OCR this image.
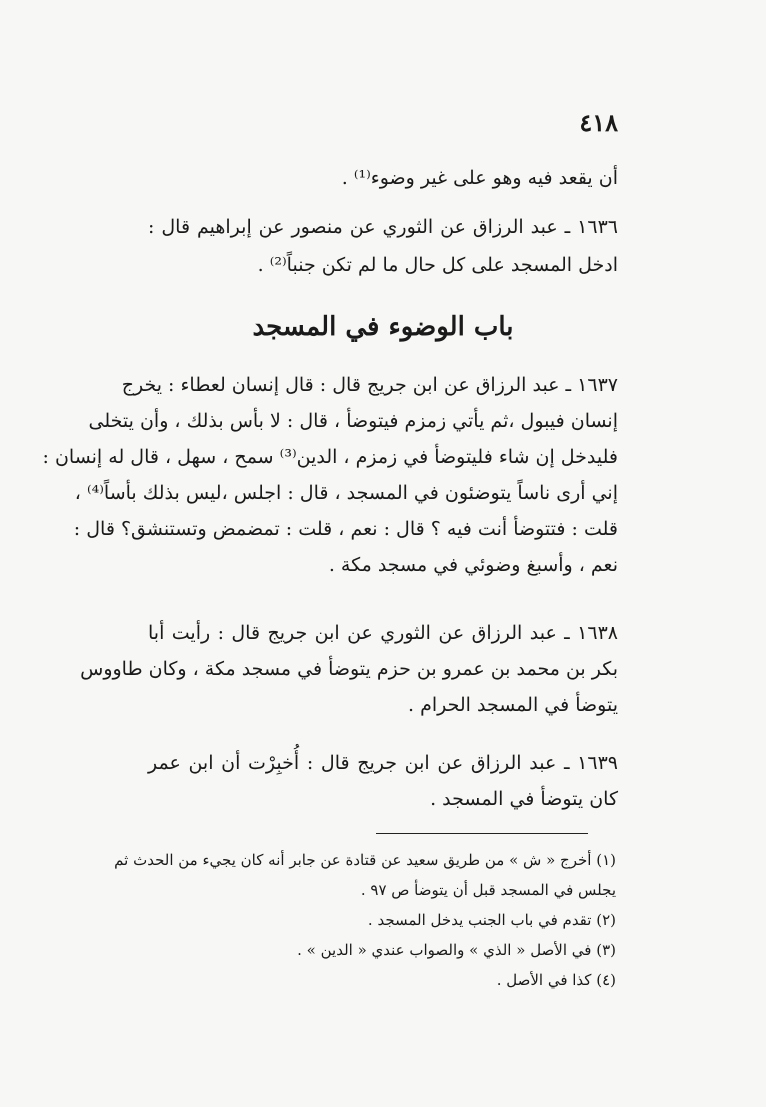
٤١٨
أن يقعد فيه وهو على غير وضوء⁽¹⁾ .
١٦٣٦ ـ عبد الرزاق عن الثوري عن منصور عن إبراهيم قال :
ادخل المسجد على كل حال ما لم تكن جنباً⁽²⁾ .
باب الوضوء في المسجد
١٦٣٧ ـ عبد الرزاق عن ابن جريج قال : قال إنسان لعطاء : يخرج
إنسان فيبول ،ثم يأتي زمزم فيتوضأ ، قال : لا بأس بذلك ، وأن يتخلى
فليدخل إن شاء فليتوضأ في زمزم ، الدين⁽³⁾ سمح ، سهل ، قال له إنسان :
إني أرى ناساً يتوضئون في المسجد ، قال : اجلس ،ليس بذلك بأساً⁽⁴⁾ ،
قلت : فتتوضأ أنت فيه ؟ قال : نعم ، قلت : تمضمض وتستنشق؟ قال :
نعم ، وأسبغ وضوئي في مسجد مكة .
١٦٣٨ ـ عبد الرزاق عن الثوري عن ابن جريج قال : رأيت أبا
بكر بن محمد بن عمرو بن حزم يتوضأ في مسجد مكة ، وكان طاووس
يتوضأ في المسجد الحرام .
١٦٣٩ ـ عبد الرزاق عن ابن جريج قال : أُخبِرْت أن ابن عمر
كان يتوضأ في المسجد .
(١) أخرج « ش » من طريق سعيد عن قتادة عن جابر أنه كان يجيء من الحدث ثم
يجلس في المسجد قبل أن يتوضأ ص ٩٧ .
(٢) تقدم في باب الجنب يدخل المسجد .
(٣) في الأصل « الذي » والصواب عندي « الدين » .
(٤) كذا في الأصل .
